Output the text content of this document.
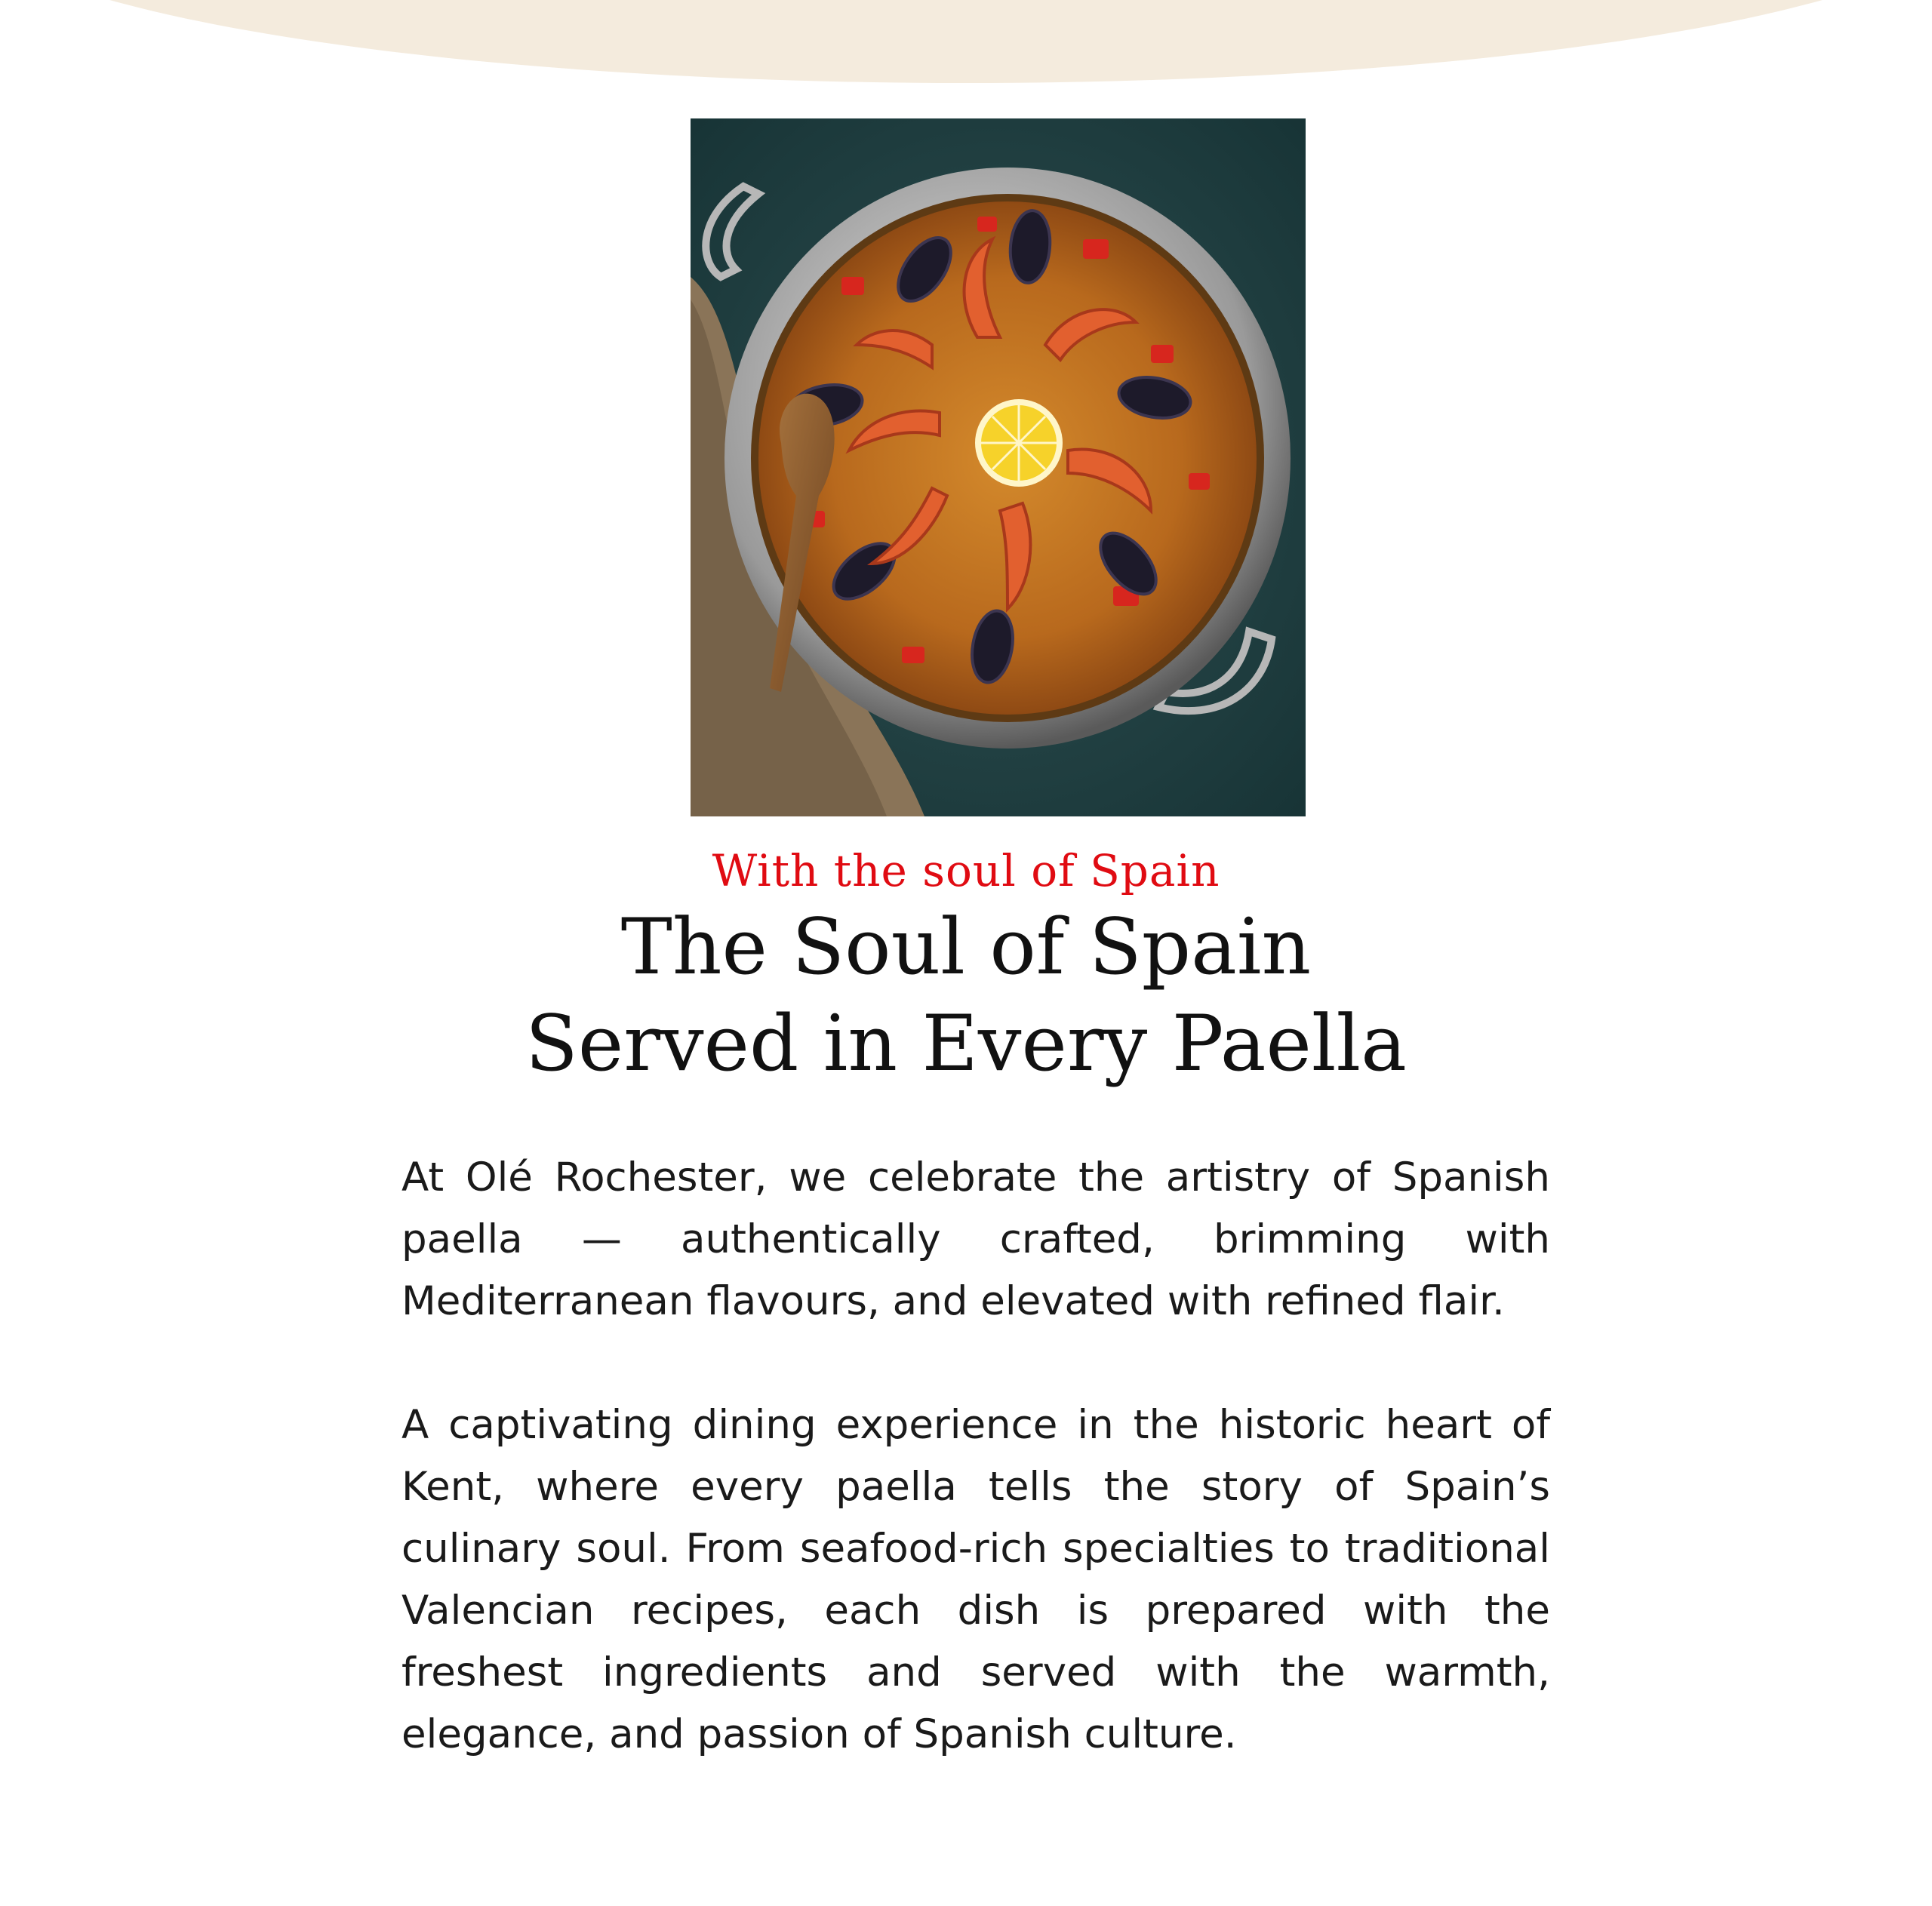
With the soul of Spain
The Soul of Spain
Served in Every Paella

At Olé Rochester, we celebrate the artistry of Spanish paella — authentically crafted, brimming with Mediterranean flavours, and elevated with refined flair.

A captivating dining experience in the historic heart of Kent, where every paella tells the story of Spain’s culinary soul. From seafood-rich specialties to traditional Valencian recipes, each dish is prepared with the freshest ingredients and served with the warmth, elegance, and passion of Spanish culture.
